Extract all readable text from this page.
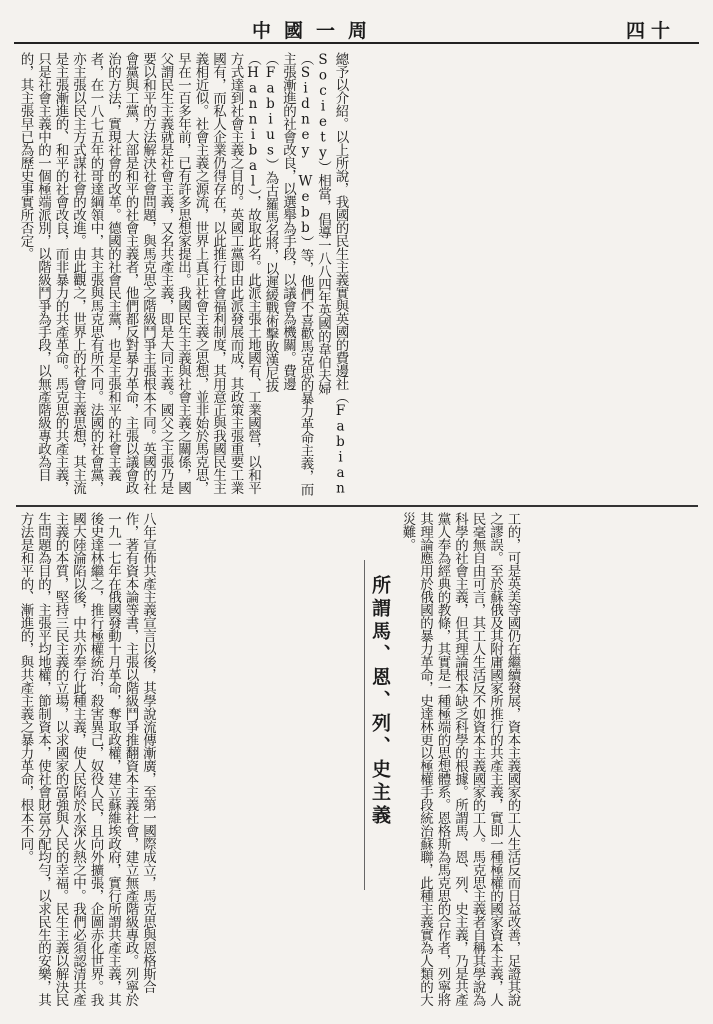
中國一周	四十
總予以介紹。以上所說，我國的民生主義實與英國的費邊社（Fabian Society）相當，倡導一八八四年英國的韋伯夫婦（Sidney Webb）等，他們不喜歡馬克思的暴力革命主義，而主張漸進的社會改良，以選舉為手段，以議會為機關。費邊（Fabius）為古羅馬名將，以遲緩戰術擊敗漢尼拔（Hannibal），故取此名。此派主張土地國有、工業國營，以和平方式達到社會主義之目的。英國工黨即由此派發展而成，其政策主張重要工業國有，而私人企業仍得存在，以此推行社會福利制度，其用意正與我國民生主義相近似。社會主義之源流，世界上真正社會主義之思想，並非始於馬克思，早在一百多年前，已有許多思想家提出。我國民生主義與社會主義之關係，國父謂民生主義就是社會主義，又名共產主義，即是大同主義。國父之主張乃是要以和平的方法解決社會問題，與馬克思之階級鬥爭主張根本不同。英國的社會黨與工黨，大部是和平的社會主義者，他們都反對暴力革命，主張以議會政治的方法，實現社會的改革。德國的社會民主黨，也是主張和平的社會主義者，在一八七五年的哥達綱領中，其主張與馬克思有所不同。法國的社會黨，亦主張以民主方式謀社會的改進。由此觀之，世界上的社會主義思想，其主流是主張漸進的、和平的社會改良，而非暴力的共產革命。馬克思的共產主義，只是社會主義中的一個極端派別，以階級鬥爭為手段，以無產階級專政為目的，其主張早已為歷史事實所否定。
工的，可是英美等國仍在繼續發展，資本主義國家的工人生活反而日益改善，足證其說之謬誤。至於蘇俄及其附庸國家所推行的共產主義，實即一種極權的國家資本主義，人民毫無自由可言，其工人生活反不如資本主義國家的工人。馬克思主義者自稱其學說為科學的社會主義，但其理論根本缺乏科學的根據。所謂馬、恩、列、史主義，乃是共產黨人奉為經典的教條，其實是一種極端的思想體系。恩格斯為馬克思的合作者，列寧將其理論應用於俄國的暴力革命，史達林更以極權手段統治蘇聯，此種主義實為人類的大災難。
所謂馬、恩、列、史主義
八年宣佈共產主義宣言以後，其學說流傳漸廣，至第一國際成立，馬克思與恩格斯合作，著有資本論等書，主張以階級鬥爭推翻資本主義社會，建立無產階級專政。列寧於一九一七年在俄國發動十月革命，奪取政權，建立蘇維埃政府，實行所謂共產主義，其後史達林繼之，推行極權統治，殺害異己，奴役人民，且向外擴張，企圖赤化世界。我國大陸淪陷以後，中共亦奉行此種主義，使人民陷於水深火熱之中。我們必須認清共產主義的本質，堅持三民主義的立場，以求國家的富強與人民的幸福。民生主義以解決民生問題為目的，主張平均地權，節制資本，使社會財富分配均勻，以求民生的安樂，其方法是和平的、漸進的，與共產主義之暴力革命，根本不同。
